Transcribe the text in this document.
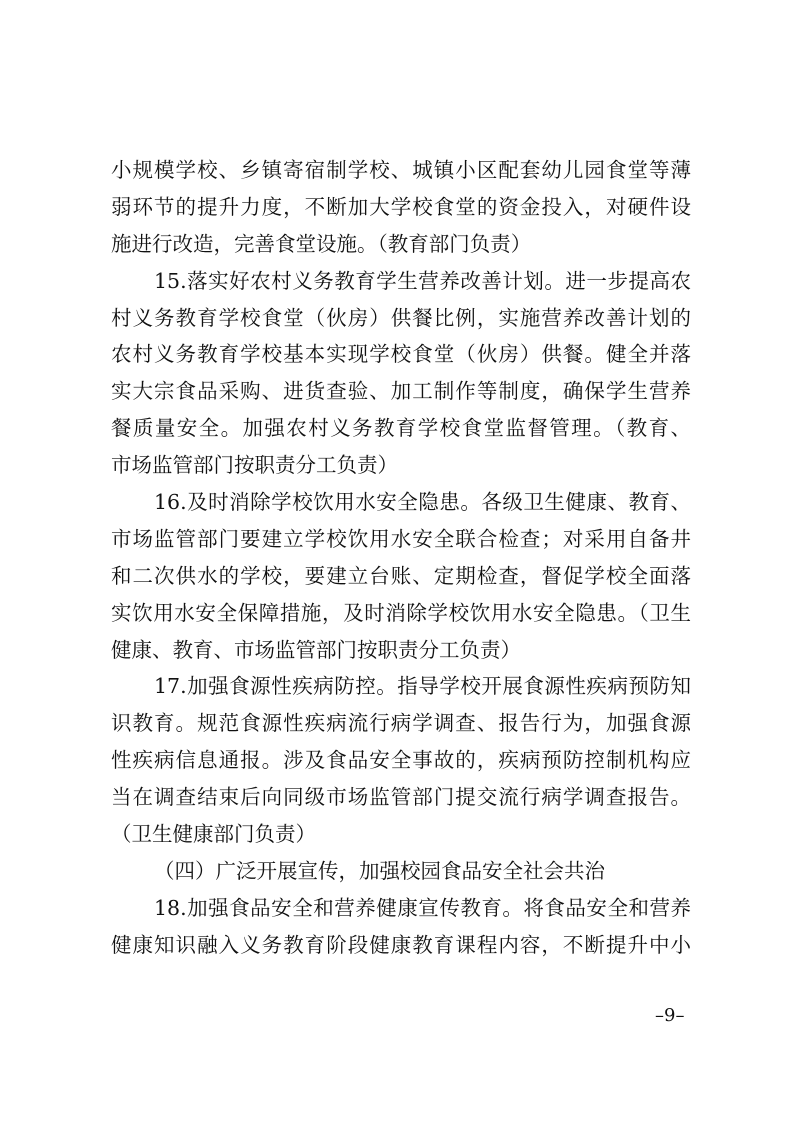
小规模学校、乡镇寄宿制学校、城镇小区配套幼儿园食堂等薄
弱环节的提升力度，不断加大学校食堂的资金投入，对硬件设
施进行改造，完善食堂设施。（教育部门负责）
15.落实好农村义务教育学生营养改善计划。进一步提高农
村义务教育学校食堂（伙房）供餐比例，实施营养改善计划的
农村义务教育学校基本实现学校食堂（伙房）供餐。健全并落
实大宗食品采购、进货查验、加工制作等制度，确保学生营养
餐质量安全。加强农村义务教育学校食堂监督管理。（教育、
市场监管部门按职责分工负责）
16.及时消除学校饮用水安全隐患。各级卫生健康、教育、
市场监管部门要建立学校饮用水安全联合检查；对采用自备井
和二次供水的学校，要建立台账、定期检查，督促学校全面落
实饮用水安全保障措施，及时消除学校饮用水安全隐患。（卫生
健康、教育、市场监管部门按职责分工负责）
17.加强食源性疾病防控。指导学校开展食源性疾病预防知
识教育。规范食源性疾病流行病学调查、报告行为，加强食源
性疾病信息通报。涉及食品安全事故的，疾病预防控制机构应
当在调查结束后向同级市场监管部门提交流行病学调查报告。
（卫生健康部门负责）
（四）广泛开展宣传，加强校园食品安全社会共治
18.加强食品安全和营养健康宣传教育。将食品安全和营养
健康知识融入义务教育阶段健康教育课程内容，不断提升中小
–9–
